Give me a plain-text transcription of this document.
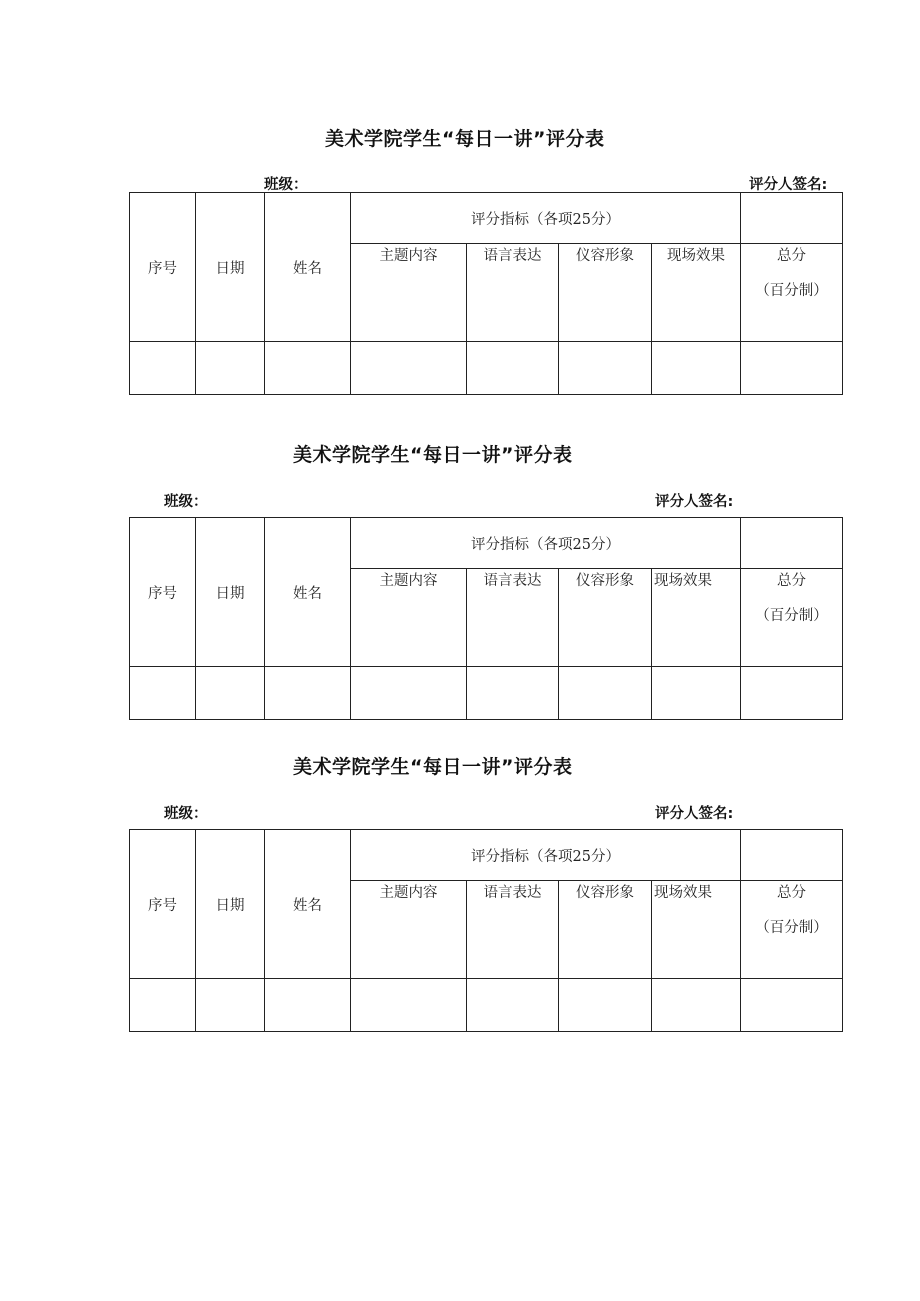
美术学院学生“每日一讲”评分表
班级：	评分人签名:
序号	日期	姓名	评分指标（各项25分）				
			主题内容	语言表达	仪容形象	现场效果	总分
（百分制）

美术学院学生“每日一讲”评分表
班级：	评分人签名:
序号	日期	姓名	评分指标（各项25分）				
			主题内容	语言表达	仪容形象	现场效果	总分
（百分制）

美术学院学生“每日一讲”评分表
班级：	评分人签名:
序号	日期	姓名	评分指标（各项25分）				
			主题内容	语言表达	仪容形象	现场效果	总分
（百分制）
